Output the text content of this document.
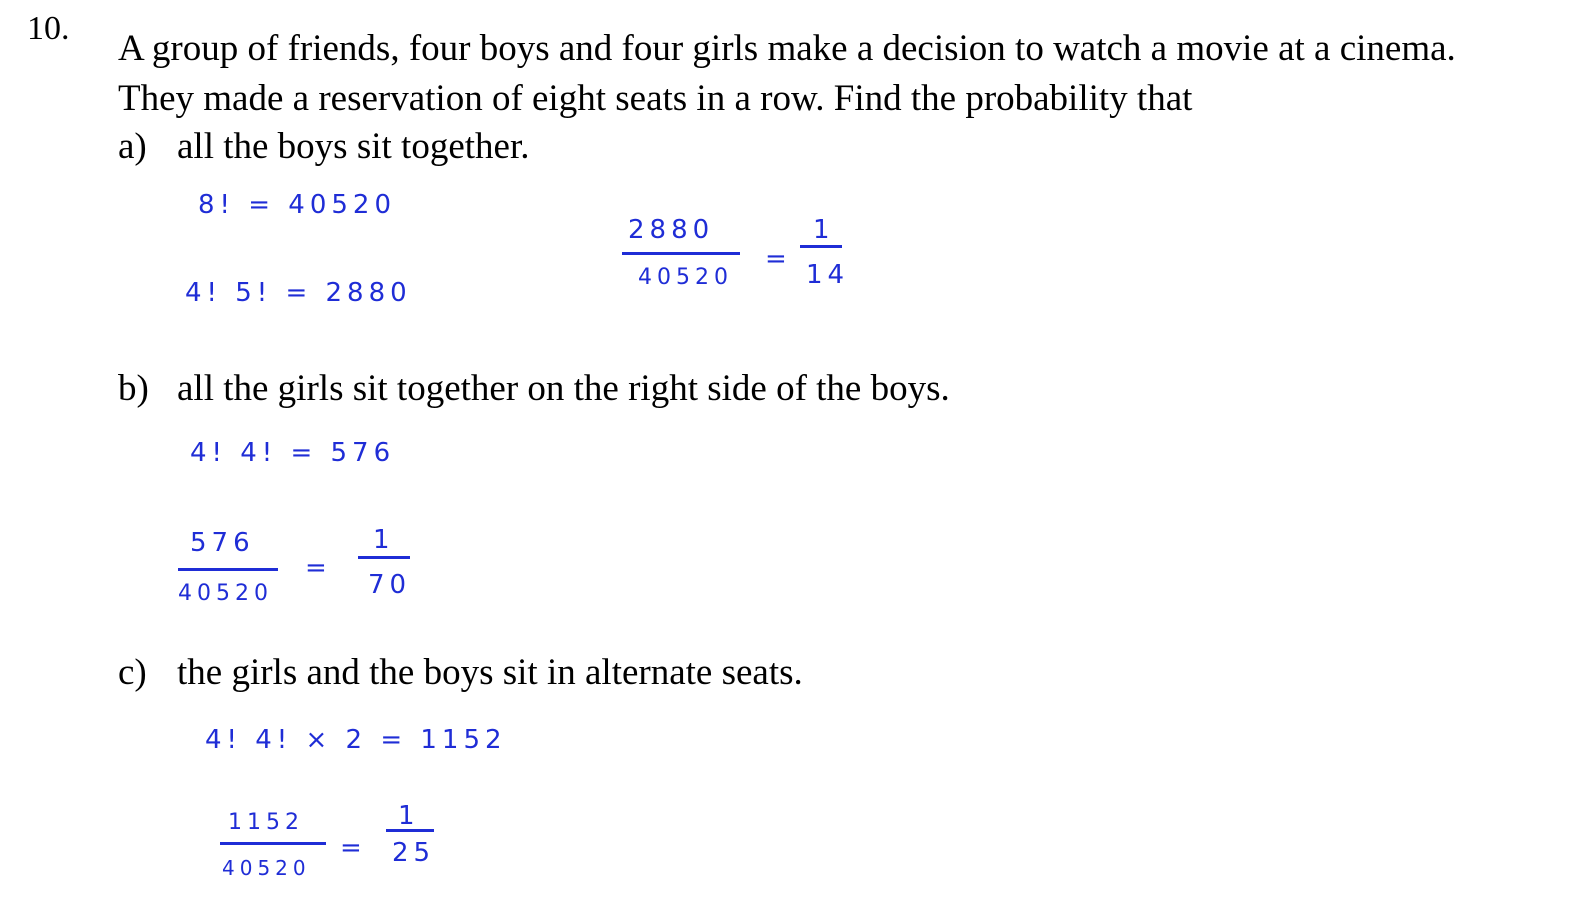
10. A group of friends, four boys and four girls make a decision to watch a movie at a cinema.
They made a reservation of eight seats in a row. Find the probability that
a) all the boys sit together.
8! = 40520
4! 5! = 2880
2880
40520
=
1
14
b) all the girls sit together on the right side of the boys.
4! 4! = 576
576
40520
=
1
70
c) the girls and the boys sit in alternate seats.
4! 4! × 2 = 1152
1152
40520
=
1
25
